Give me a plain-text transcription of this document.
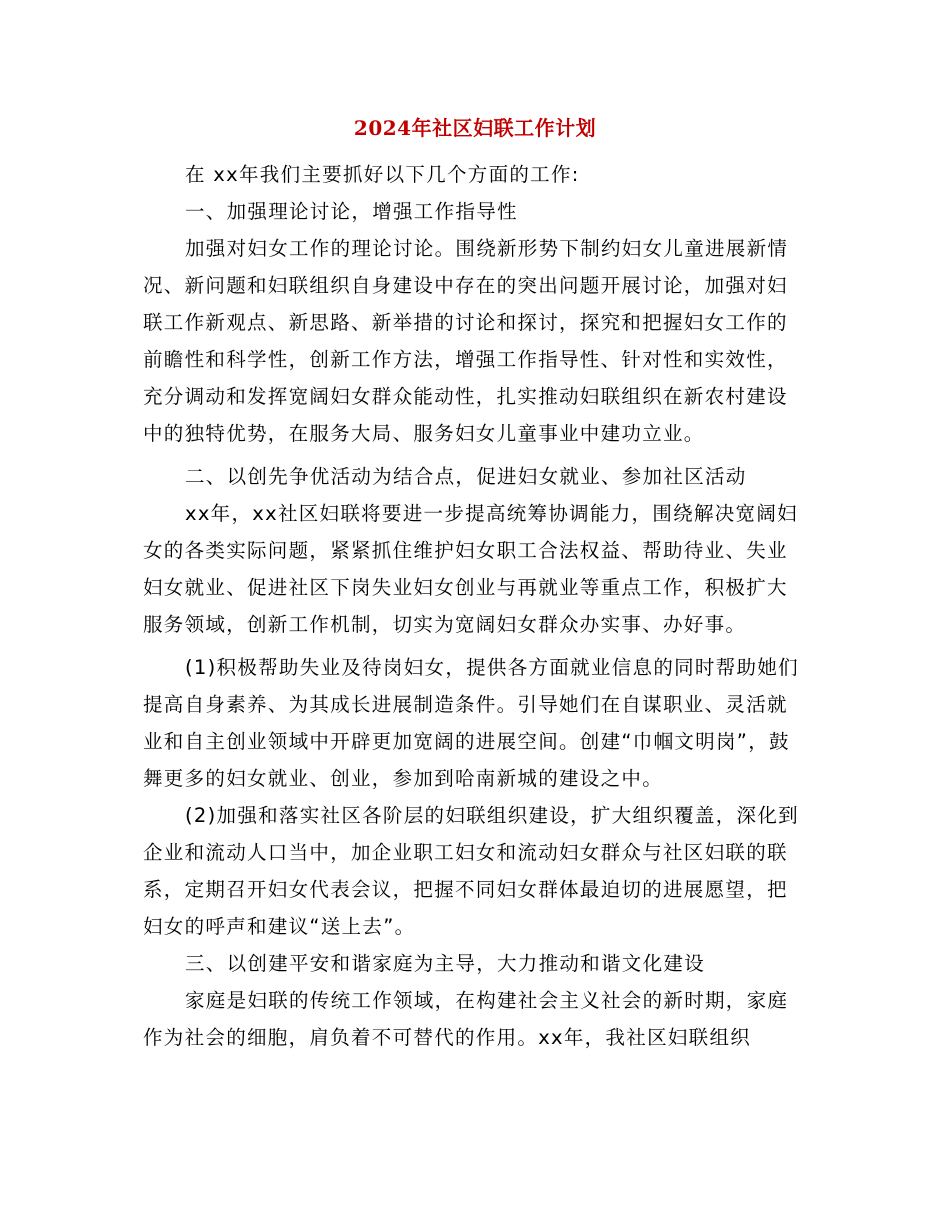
2024年社区妇联工作计划

在 xx年我们主要抓好以下几个方面的工作:

一、加强理论讨论，增强工作指导性

加强对妇女工作的理论讨论。围绕新形势下制约妇女儿童进展新情况、新问题和妇联组织自身建设中存在的突出问题开展讨论，加强对妇联工作新观点、新思路、新举措的讨论和探讨，探究和把握妇女工作的前瞻性和科学性，创新工作方法，增强工作指导性、针对性和实效性，充分调动和发挥宽阔妇女群众能动性，扎实推动妇联组织在新农村建设中的独特优势，在服务大局、服务妇女儿童事业中建功立业。

二、以创先争优活动为结合点，促进妇女就业、参加社区活动

xx年，xx社区妇联将要进一步提高统筹协调能力，围绕解决宽阔妇女的各类实际问题，紧紧抓住维护妇女职工合法权益、帮助待业、失业妇女就业、促进社区下岗失业妇女创业与再就业等重点工作，积极扩大服务领域，创新工作机制，切实为宽阔妇女群众办实事、办好事。

(1)积极帮助失业及待岗妇女，提供各方面就业信息的同时帮助她们提高自身素养、为其成长进展制造条件。引导她们在自谋职业、灵活就业和自主创业领域中开辟更加宽阔的进展空间。创建“巾帼文明岗”，鼓舞更多的妇女就业、创业，参加到哈南新城的建设之中。

(2)加强和落实社区各阶层的妇联组织建设，扩大组织覆盖，深化到企业和流动人口当中，加企业职工妇女和流动妇女群众与社区妇联的联系，定期召开妇女代表会议，把握不同妇女群体最迫切的进展愿望，把妇女的呼声和建议“送上去”。

三、以创建平安和谐家庭为主导，大力推动和谐文化建设

家庭是妇联的传统工作领域，在构建社会主义社会的新时期，家庭作为社会的细胞，肩负着不可替代的作用。xx年，我社区妇联组织
